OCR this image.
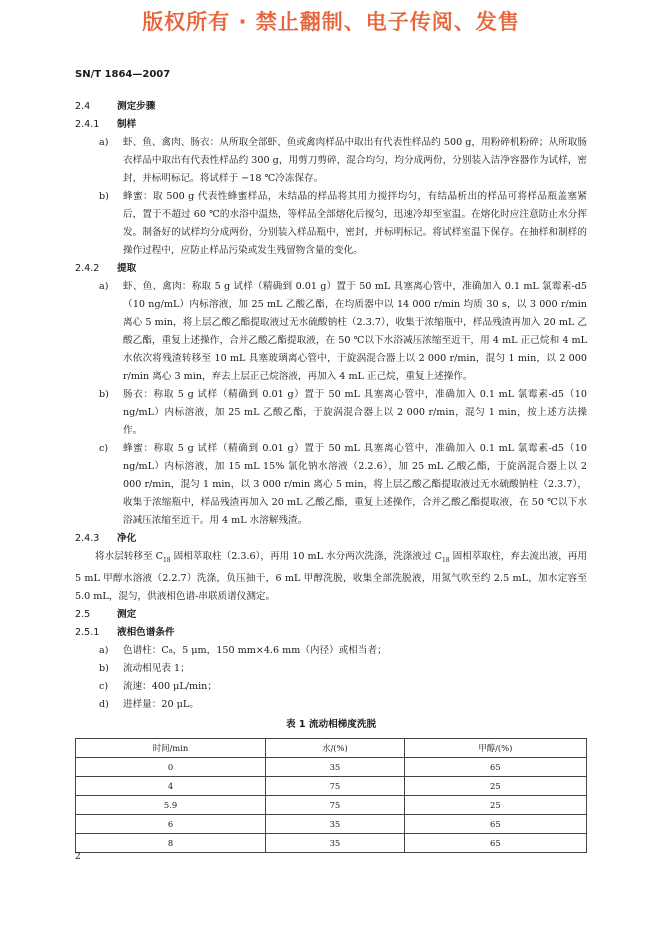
版权所有 · 禁止翻制、电子传阅、发售
SN/T 1864—2007

2.4	测定步骤

2.4.1 制样

a) 虾、鱼、禽肉、肠衣：从所取全部虾、鱼或禽肉样品中取出有代表性样品约 500 g，用粉碎机粉碎；从所取肠衣样品中取出有代表性样品约 300 g，用剪刀剪碎，混合均匀，均分成两份，分别装入洁净容器作为试样，密封，并标明标记。将试样于 −18 ℃冷冻保存。

b) 蜂蜜：取 500 g 代表性蜂蜜样品，未结晶的样品将其用力搅拌均匀，有结晶析出的样品可将样品瓶盖塞紧后，置于不超过 60 ℃的水浴中温热，等样品全部熔化后搅匀，迅速冷却至室温。在熔化时应注意防止水分挥发。制备好的试样均分成两份，分别装入样品瓶中，密封，并标明标记。将试样室温下保存。在抽样和制样的操作过程中，应防止样品污染或发生残留物含量的变化。

2.4.2 提取

a) 虾、鱼、禽肉：称取 5 g 试样（精确到 0.01 g）置于 50 mL 具塞离心管中，准确加入 0.1 mL 氯霉素-d5（10 ng/mL）内标溶液，加 25 mL 乙酸乙酯，在均质器中以 14 000 r/min 均质 30 s，以 3 000 r/min离心 5 min，将上层乙酸乙酯提取液过无水硫酸钠柱（2.3.7），收集于浓缩瓶中，样品残渣再加入 20 mL 乙酸乙酯，重复上述操作，合并乙酸乙酯提取液，在 50 ℃以下水浴减压浓缩至近干，用 4 mL 正己烷和 4 mL 水依次将残渣转移至 10 mL 具塞玻璃离心管中，于旋涡混合器上以 2 000 r/min，混匀 1 min，以 2 000 r/min 离心 3 min，弃去上层正己烷溶液，再加入 4 mL 正己烷，重复上述操作。

b) 肠衣：称取 5 g 试样（精确到 0.01 g）置于 50 mL 具塞离心管中，准确加入 0.1 mL 氯霉素-d5（10 ng/mL）内标溶液，加 25 mL 乙酸乙酯，于旋涡混合器上以 2 000 r/min，混匀 1 min，按上述方法操作。

c) 蜂蜜：称取 5 g 试样（精确到 0.01 g）置于 50 mL 具塞离心管中，准确加入 0.1 mL 氯霉素-d5（10 ng/mL）内标溶液，加 15 mL 15% 氯化钠水溶液（2.2.6），加 25 mL 乙酸乙酯，于旋涡混合器上以 2 000 r/min，混匀 1 min，以 3 000 r/min 离心 5 min，将上层乙酸乙酯提取液过无水硫酸钠柱（2.3.7），收集于浓缩瓶中，样品残渣再加入 20 mL 乙酸乙酯，重复上述操作，合并乙酸乙酯提取液，在 50 ℃以下水浴减压浓缩至近干。用 4 mL 水溶解残渣。

2.4.3 净化

将水层转移至 $C_{18}$ 固相萃取柱（2.3.6），再用 10 mL 水分两次洗涤，洗涤液过 $C_{18}$ 固相萃取柱，弃去流出液，再用 5 mL 甲醇水溶液（2.2.7）洗涤，负压抽干，6 mL 甲醇洗脱，收集全部洗脱液，用氮气吹至约 2.5 mL，加水定容至 5.0 mL，混匀，供液相色谱-串联质谱仪测定。

2.5	测定

2.5.1 液相色谱条件

a) 色谱柱：C₈，5 μm，150 mm×4.6 mm（内径）或相当者；

b) 流动相见表 1；

c) 流速：400 μL/min；

d) 进样量：20 μL。

表 1 流动相梯度洗脱

时间/min	水/(%)	甲醇/(%)
0	35	65
4	75	25
5.9	75	25
6	35	65
8	35	65
2
